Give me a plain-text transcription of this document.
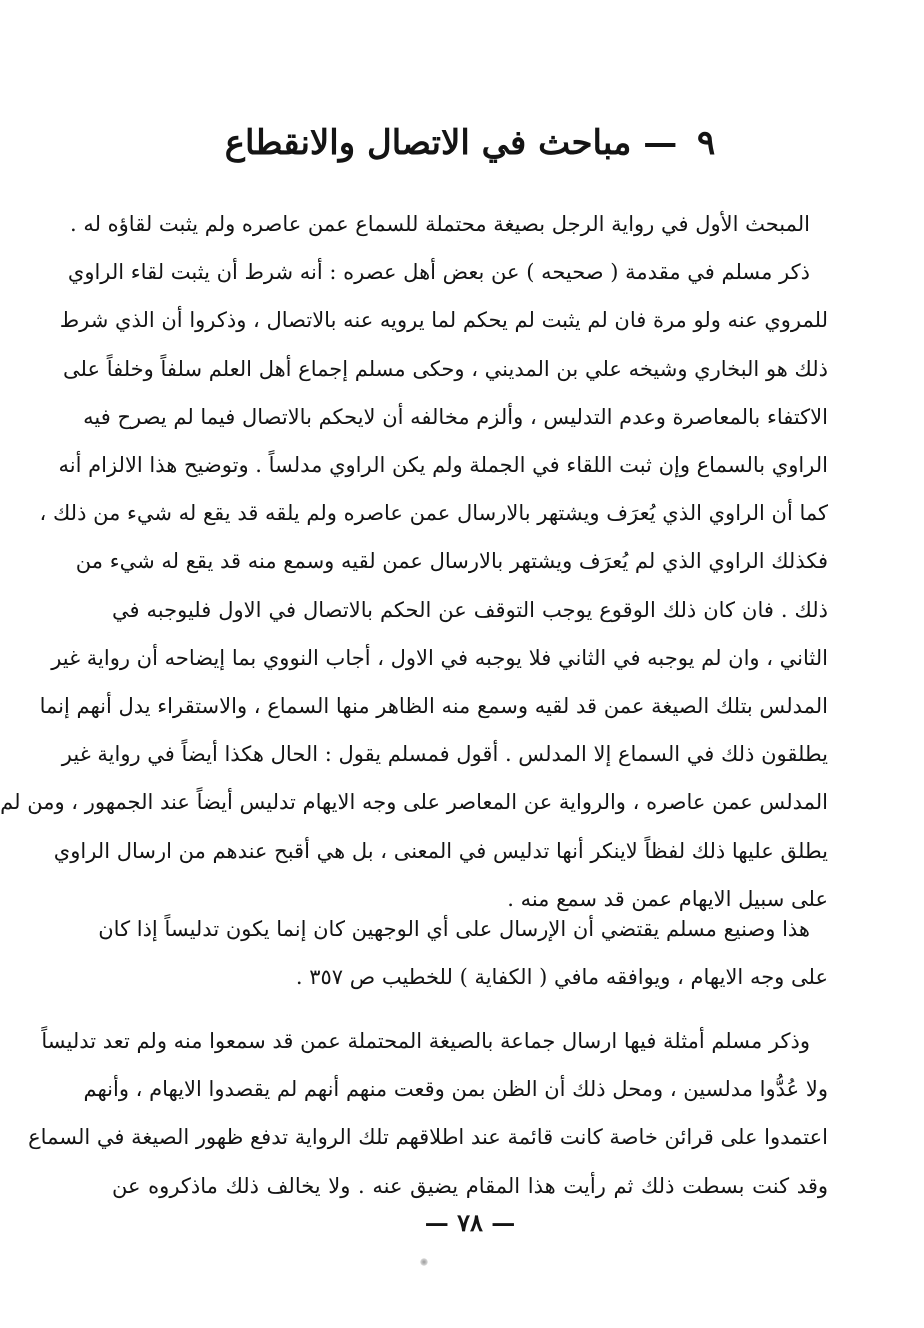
٩ — مباحث في الاتصال والانقطاع
المبحث الأول في رواية الرجل بصيغة محتملة للسماع عمن عاصره ولم يثبت لقاؤه له .
ذكر مسلم في مقدمة ( صحيحه ) عن بعض أهل عصره : أنه شرط أن يثبت لقاء الراوي
للمروي عنه ولو مرة فان لم يثبت لم يحكم لما يرويه عنه بالاتصال ، وذكروا أن الذي شرط
ذلك هو البخاري وشيخه علي بن المديني ، وحكى مسلم إجماع أهل العلم سلفاً وخلفاً على
الاكتفاء بالمعاصرة وعدم التدليس ، وألزم مخالفه أن لايحكم بالاتصال فيما لم يصرح فيه
الراوي بالسماع وإن ثبت اللقاء في الجملة ولم يكن الراوي مدلساً . وتوضيح هذا الالزام أنه
كما أن الراوي الذي يُعرَف ويشتهر بالارسال عمن عاصره ولم يلقه قد يقع له شيء من ذلك ،
فكذلك الراوي الذي لم يُعرَف ويشتهر بالارسال عمن لقيه وسمع منه قد يقع له شيء من
ذلك . فان كان ذلك الوقوع يوجب التوقف عن الحكم بالاتصال في الاول فليوجبه في
الثاني ، وان لم يوجبه في الثاني فلا يوجبه في الاول ، أجاب النووي بما إيضاحه أن رواية غير
المدلس بتلك الصيغة عمن قد لقيه وسمع منه الظاهر منها السماع ، والاستقراء يدل أنهم إنما
يطلقون ذلك في السماع إلا المدلس . أقول فمسلم يقول : الحال هكذا أيضاً في رواية غير
المدلس عمن عاصره ، والرواية عن المعاصر على وجه الايهام تدليس أيضاً عند الجمهور ، ومن لم
يطلق عليها ذلك لفظاً لاينكر أنها تدليس في المعنى ، بل هي أقبح عندهم من ارسال الراوي
على سبيل الايهام عمن قد سمع منه .
هذا وصنيع مسلم يقتضي أن الإرسال على أي الوجهين كان إنما يكون تدليساً إذا كان
على وجه الايهام ، ويوافقه مافي ( الكفاية ) للخطيب ص ٣٥٧ .
وذكر مسلم أمثلة فيها ارسال جماعة بالصيغة المحتملة عمن قد سمعوا منه ولم تعد تدليساً
ولا عُدُّوا مدلسين ، ومحل ذلك أن الظن بمن وقعت منهم أنهم لم يقصدوا الايهام ، وأنهم
اعتمدوا على قرائن خاصة كانت قائمة عند اطلاقهم تلك الرواية تدفع ظهور الصيغة في السماع
وقد كنت بسطت ذلك ثم رأيت هذا المقام يضيق عنه . ولا يخالف ذلك ماذكروه عن
— ٧٨ —
